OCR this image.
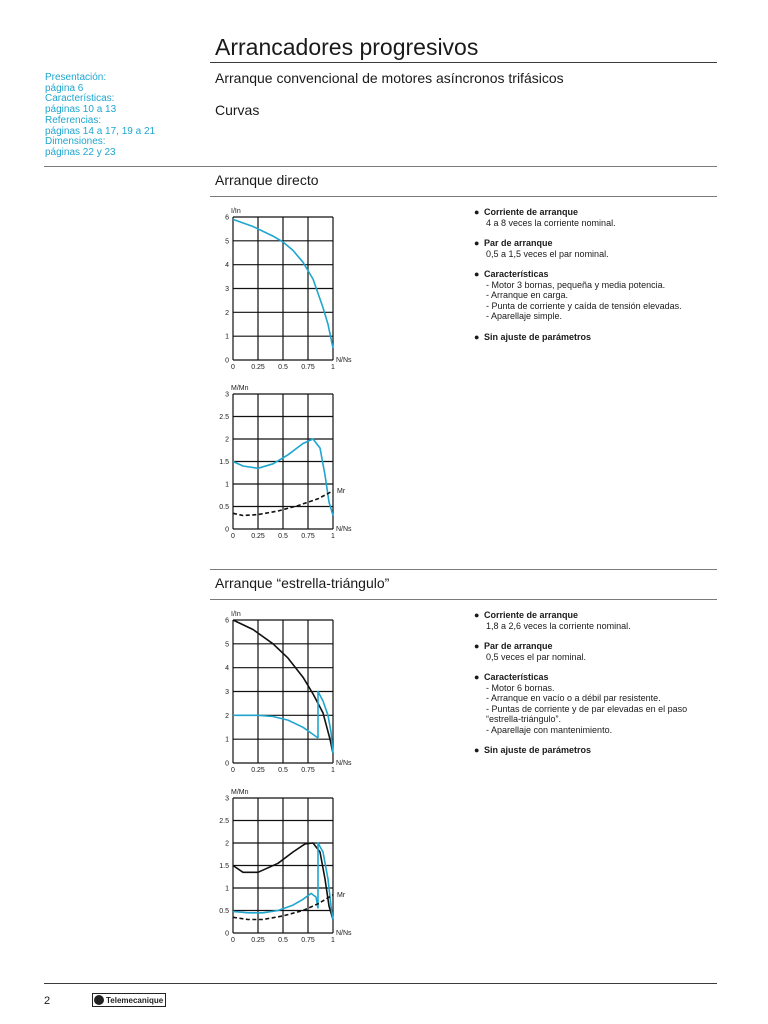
Arrancadores progresivos
Arranque convencional de motores asíncronos trifásicos
Curvas
Presentación:
página 6
Características:
páginas 10 a 13
Referencias:
páginas 14 a 17, 19 a 21
Dimensiones:
páginas 22 y 23
Arranque directo
0 0.25 0.5 0.75 1
0
1
2
3
4
5
6
I/In
N/Ns
Mr
0 0.25 0.5 0.75 1
0
0.5
1
1.5
2
2.5
3
M/Mn
N/Ns
● Corriente de arranque
4 a 8 veces la corriente nominal.
● Par de arranque
0,5 a 1,5 veces el par nominal.
● Características
- Motor 3 bornas, pequeña y media potencia.
- Arranque en carga.
- Punta de corriente y caída de tensión elevadas.
- Aparellaje simple.
● Sin ajuste de parámetros
Arranque “estrella-triángulo”
0 0.25 0.5 0.75 1
0
1
2
3
4
5
6
I/In
N/Ns
Mr
0 0.25 0.5 0.75 1
0
0.5
1
1.5
2
2.5
3
M/Mn
N/Ns
● Corriente de arranque
1,8 a 2,6 veces la corriente nominal.
● Par de arranque
0,5 veces el par nominal.
● Características
- Motor 6 bornas.
- Arranque en vacío o a débil par resistente.
- Puntas de corriente y de par elevadas en el paso
“estrella-triángulo”.
- Aparellaje con mantenimiento.
● Sin ajuste de parámetros
2	Telemecanique
